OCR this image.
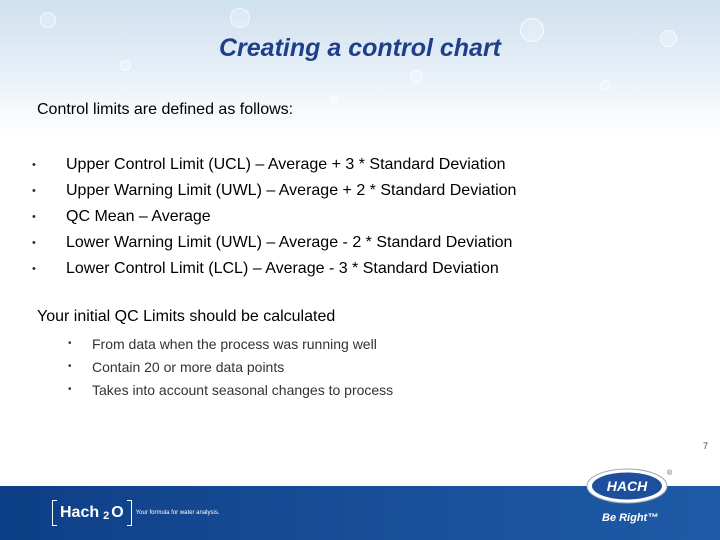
Creating a control chart
Control limits are defined as follows:
•	Upper Control Limit (UCL) – Average + 3 * Standard Deviation
•	Upper Warning Limit (UWL) – Average + 2 * Standard Deviation
•	QC Mean – Average
•	Lower Warning Limit (UWL) – Average - 2 * Standard Deviation
•	Lower Control Limit (LCL) – Average - 3 * Standard Deviation
Your initial QC Limits should be calculated
•	From data when the process was running well
•	Contain 20 or more data points
•	Takes into account seasonal changes to process
7
Hach 2 O	Your formula for water analysis.
HACH
®
Be Right™
